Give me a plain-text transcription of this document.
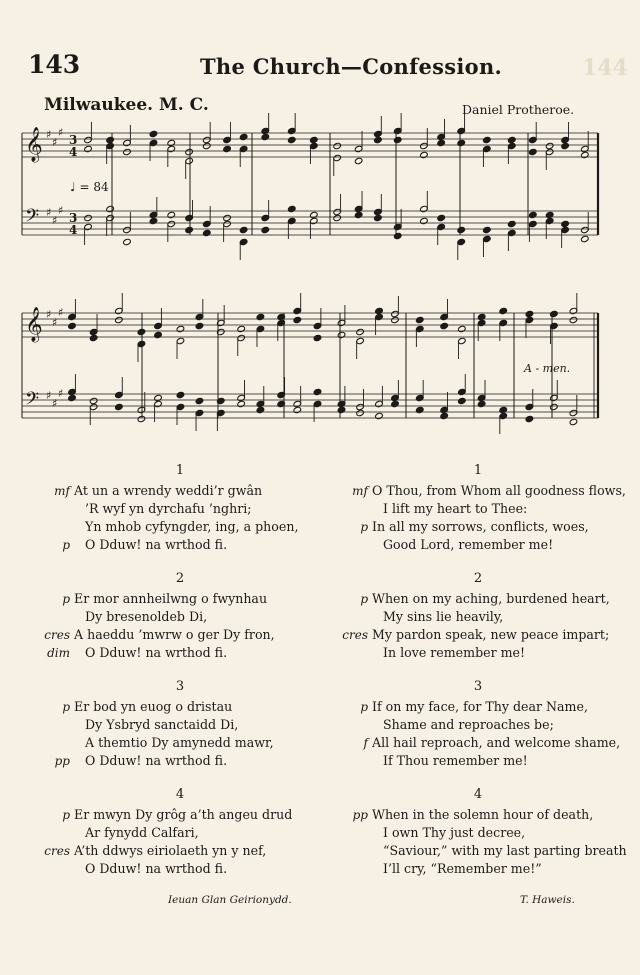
144
143	The Church—Confession.
Milwaukee. M. C.	Daniel Protheroe.
𝄞 ♯
♯
♯
3
4
𝄢 ♯
♯
♯
3
4
𝄞 ♯
♯
♯
𝄢 ♯
♯
♯
♩ = 84
A - men.
1
mf At un a wrendy weddi’r gwân
’R wyf yn dyrchafu ’nghri;
Yn mhob cyfyngder, ing, a phoen,
p O Dduw! na wrthod fi.
2
p Er mor annheilwng o fwynhau
Dy bresenoldeb Di,
cres A haeddu ’mwrw o ger Dy fron,
dim O Dduw! na wrthod fi.
3
p Er bod yn euog o dristau
Dy Ysbryd sanctaidd Di,
A themtio Dy amynedd mawr,
pp O Dduw! na wrthod fi.
4
p Er mwyn Dy grôg a’th angeu drud
Ar fynydd Calfari,
cres A’th ddwys eiriolaeth yn y nef,
O Dduw! na wrthod fi.
1
mf O Thou, from Whom all goodness flows,
I lift my heart to Thee:
p In all my sorrows, conflicts, woes,
Good Lord, remember me!
2
p When on my aching, burdened heart,
My sins lie heavily,
cres My pardon speak, new peace impart;
In love remember me!
3
p If on my face, for Thy dear Name,
Shame and reproaches be;
f All hail reproach, and welcome shame,
If Thou remember me!
4
pp When in the solemn hour of death,
I own Thy just decree,
“Saviour,” with my last parting breath
I’ll cry, “Remember me!”
Ieuan Glan Geirionydd.	T. Haweis.
